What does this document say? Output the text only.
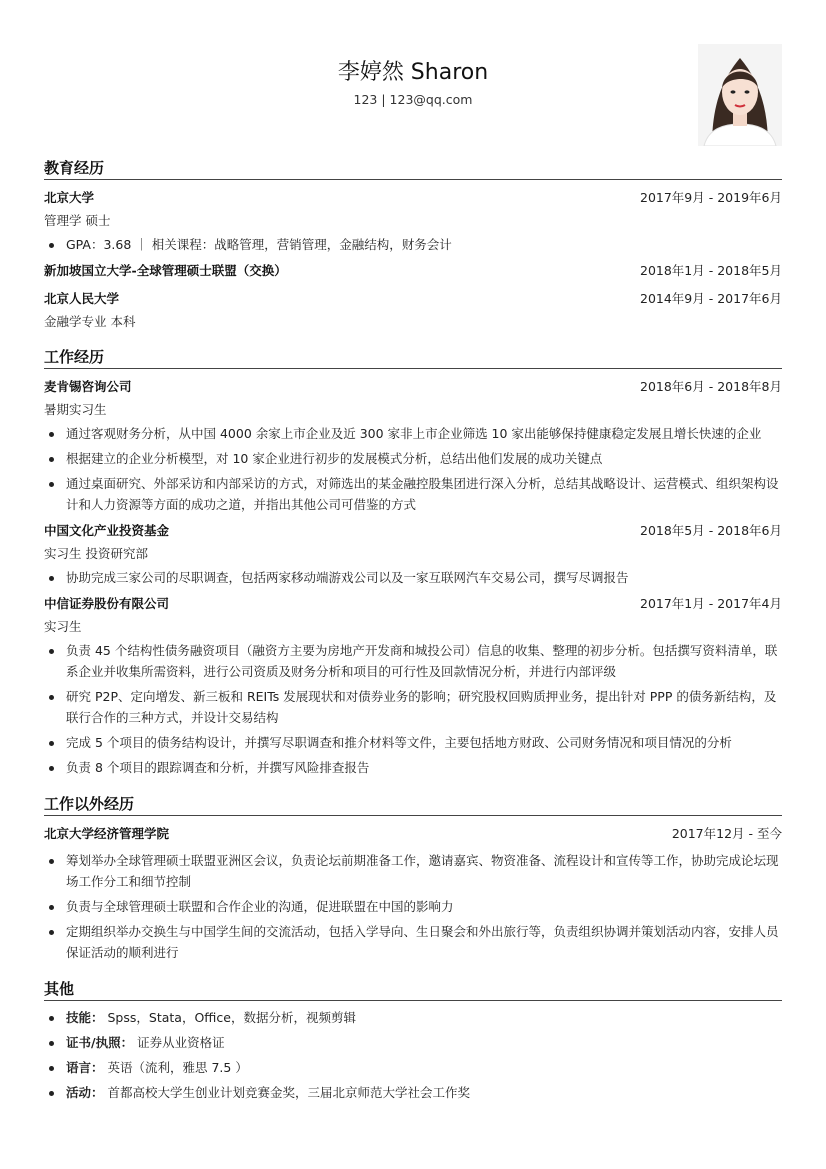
李婷然 Sharon
123 | 123@qq.com
教育经历
北京大学	2017年9月 - 2019年6月
管理学 硕士
GPA：3.68 ｜ 相关课程：战略管理，营销管理，金融结构，财务会计
新加坡国立大学-全球管理硕士联盟（交换）	2018年1月 - 2018年5月
北京人民大学	2014年9月 - 2017年6月
金融学专业 本科
工作经历
麦肯锡咨询公司	2018年6月 - 2018年8月
暑期实习生
通过客观财务分析，从中国 4000 余家上市企业及近 300 家非上市企业筛选 10 家出能够保持健康稳定发展且增长快速的企业
根据建立的企业分析模型，对 10 家企业进行初步的发展模式分析，总结出他们发展的成功关键点
通过桌面研究、外部采访和内部采访的方式，对筛选出的某金融控股集团进行深入分析，总结其战略设计、运营模式、组织架构设计和人力资源等方面的成功之道，并指出其他公司可借鉴的方式
中国文化产业投资基金	2018年5月 - 2018年6月
实习生 投资研究部
协助完成三家公司的尽职调查，包括两家移动端游戏公司以及一家互联网汽车交易公司，撰写尽调报告
中信证券股份有限公司	2017年1月 - 2017年4月
实习生
负责 45 个结构性债务融资项目（融资方主要为房地产开发商和城投公司）信息的收集、整理的初步分析。包括撰写资料清单，联系企业并收集所需资料，进行公司资质及财务分析和项目的可行性及回款情况分析，并进行内部评级
研究 P2P、定向增发、新三板和 REITs 发展现状和对债券业务的影响；研究股权回购质押业务，提出针对 PPP 的债务新结构，及联行合作的三种方式，并设计交易结构
完成 5 个项目的债务结构设计，并撰写尽职调查和推介材料等文件，主要包括地方财政、公司财务情况和项目情况的分析
负责 8 个项目的跟踪调查和分析，并撰写风险排查报告
工作以外经历
北京大学经济管理学院	2017年12月 - 至今
筹划举办全球管理硕士联盟亚洲区会议，负责论坛前期准备工作，邀请嘉宾、物资准备、流程设计和宣传等工作，协助完成论坛现场工作分工和细节控制
负责与全球管理硕士联盟和合作企业的沟通，促进联盟在中国的影响力
定期组织举办交换生与中国学生间的交流活动，包括入学导向、生日聚会和外出旅行等，负责组织协调并策划活动内容，安排人员保证活动的顺利进行
其他
技能： Spss，Stata，Office，数据分析，视频剪辑
证书/执照： 证券从业资格证
语言： 英语（流利，雅思 7.5 ）
活动： 首都高校大学生创业计划竞赛金奖，三届北京师范大学社会工作奖
